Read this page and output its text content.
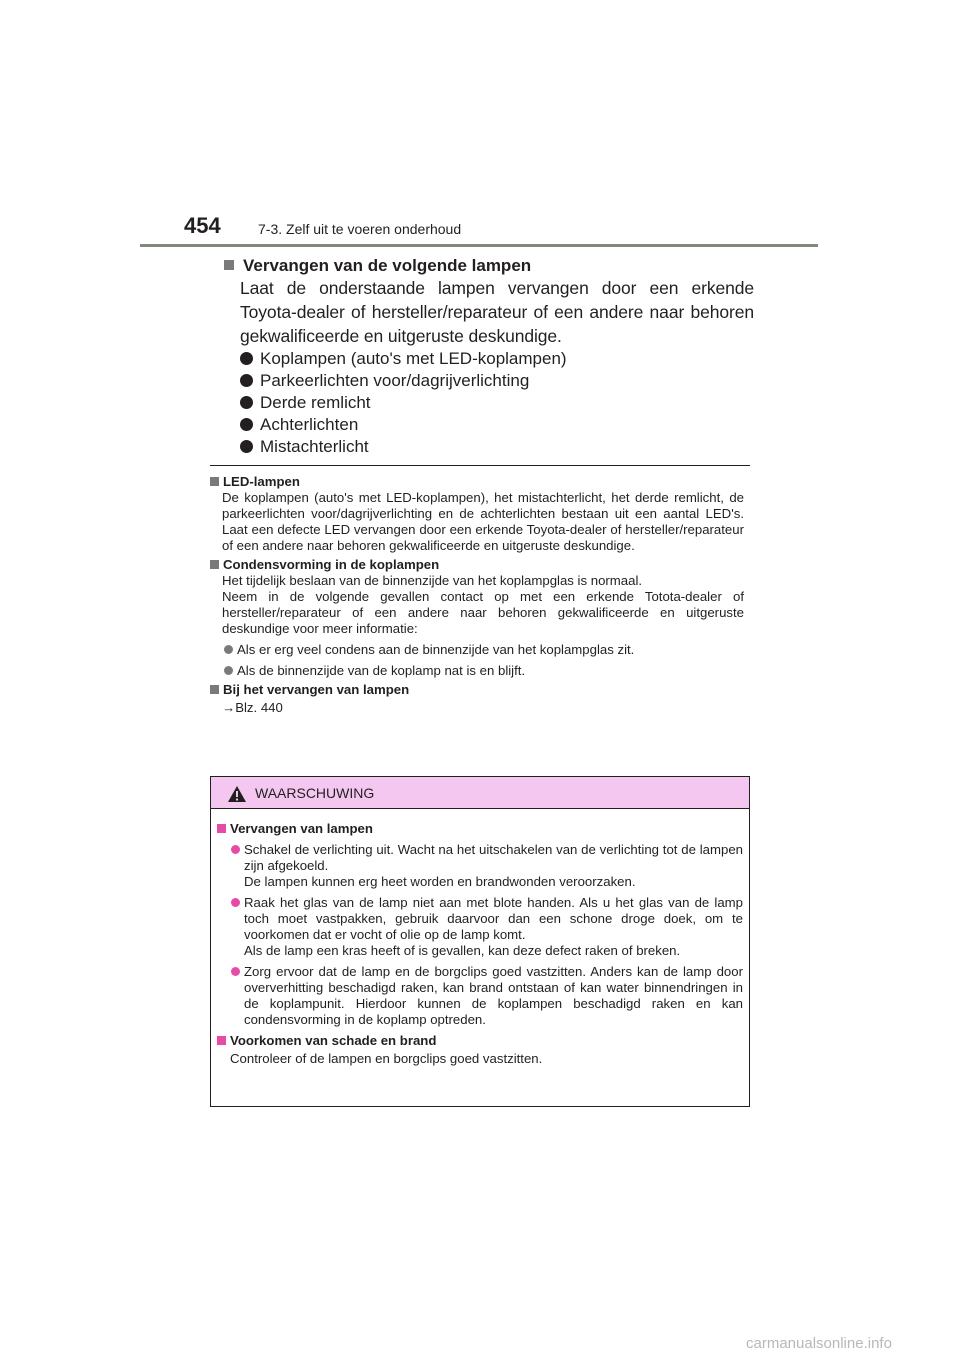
454	7-3. Zelf uit te voeren onderhoud
Vervangen van de volgende lampen
Laat de onderstaande lampen vervangen door een erkende Toyota-dealer of hersteller/reparateur of een andere naar behoren gekwalificeerde en uitgeruste deskundige.
Koplampen (auto's met LED-koplampen)
Parkeerlichten voor/dagrijverlichting
Derde remlicht
Achterlichten
Mistachterlicht
LED-lampen
De koplampen (auto's met LED-koplampen), het mistachterlicht, het derde remlicht, de parkeerlichten voor/dagrijverlichting en de achterlichten bestaan uit een aantal LED's. Laat een defecte LED vervangen door een erkende Toyota-dealer of hersteller/reparateur of een andere naar behoren gekwalificeerde en uitgeruste deskundige.
Condensvorming in de koplampen
Het tijdelijk beslaan van de binnenzijde van het koplampglas is normaal.
Neem in de volgende gevallen contact op met een erkende Totota-dealer of hersteller/reparateur of een andere naar behoren gekwalificeerde en uitgeruste deskundige voor meer informatie:
Als er erg veel condens aan de binnenzijde van het koplampglas zit.
Als de binnenzijde van de koplamp nat is en blijft.
Bij het vervangen van lampen
→Blz. 440
WAARSCHUWING
Vervangen van lampen
Schakel de verlichting uit. Wacht na het uitschakelen van de verlichting tot de lampen zijn afgekoeld.
De lampen kunnen erg heet worden en brandwonden veroorzaken.
Raak het glas van de lamp niet aan met blote handen. Als u het glas van de lamp toch moet vastpakken, gebruik daarvoor dan een schone droge doek, om te voorkomen dat er vocht of olie op de lamp komt.
Als de lamp een kras heeft of is gevallen, kan deze defect raken of breken.
Zorg ervoor dat de lamp en de borgclips goed vastzitten. Anders kan de lamp door oververhitting beschadigd raken, kan brand ontstaan of kan water binnendringen in de koplampunit. Hierdoor kunnen de koplampen beschadigd raken en kan condensvorming in de koplamp optreden.
Voorkomen van schade en brand
Controleer of de lampen en borgclips goed vastzitten.
carmanualsonline.info
